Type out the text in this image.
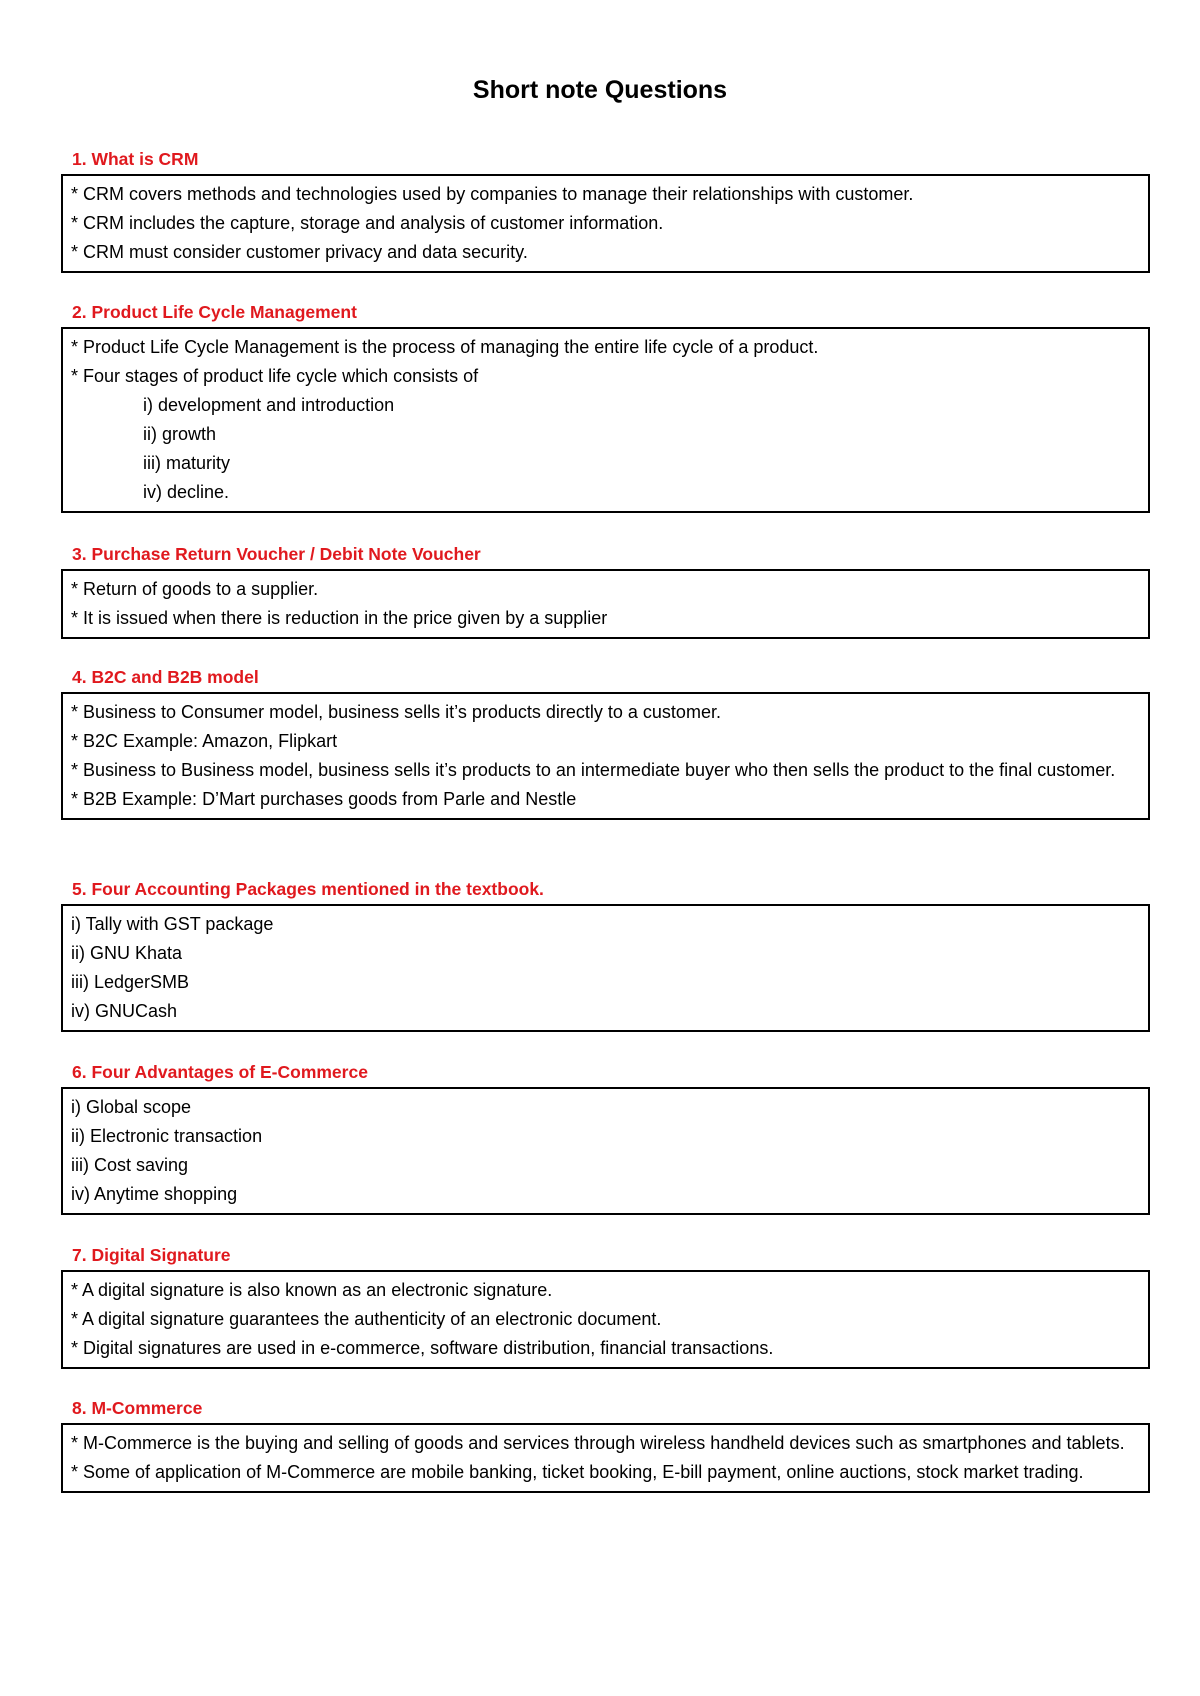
Short note Questions
1. What is CRM
* CRM covers methods and technologies used by companies to manage their relationships with customer.
* CRM includes the capture, storage and analysis of customer information.
* CRM must consider customer privacy and data security.
2. Product Life Cycle Management
* Product Life Cycle Management is the process of managing the entire life cycle of a product.
* Four stages of product life cycle which consists of
i) development and introduction
ii) growth
iii) maturity
iv) decline.
3. Purchase Return Voucher / Debit Note Voucher
* Return of goods to a supplier.
* It is issued when there is reduction in the price given by a supplier
4. B2C and B2B model
* Business to Consumer model, business sells it’s products directly to a customer.
* B2C Example: Amazon, Flipkart
* Business to Business model, business sells it’s products to an intermediate buyer who then sells the product to the final customer.
* B2B Example: D’Mart purchases goods from Parle and Nestle
5. Four Accounting Packages mentioned in the textbook.
i) Tally with GST package
ii) GNU Khata
iii) LedgerSMB
iv) GNUCash
6. Four Advantages of E-Commerce
i) Global scope
ii) Electronic transaction
iii) Cost saving
iv) Anytime shopping
7. Digital Signature
* A digital signature is also known as an electronic signature.
* A digital signature guarantees the authenticity of an electronic document.
* Digital signatures are used in e-commerce, software distribution, financial transactions.
8. M-Commerce
* M-Commerce is the buying and selling of goods and services through wireless handheld devices such as smartphones and tablets.
* Some of application of M-Commerce are mobile banking, ticket booking, E-bill payment, online auctions, stock market trading.
